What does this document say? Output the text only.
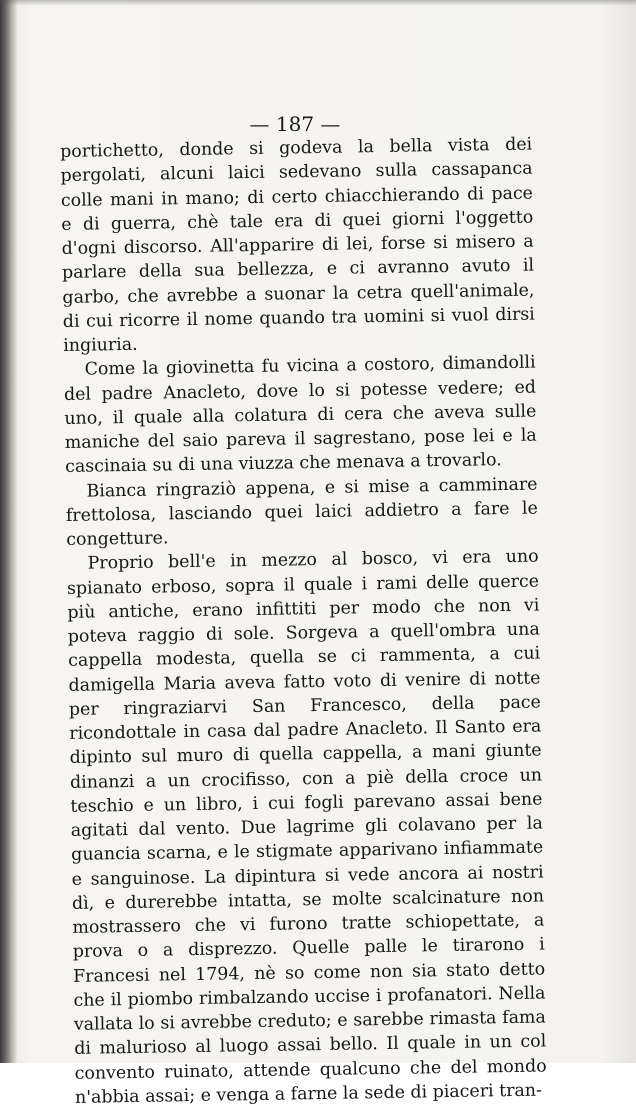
— 187 —

portichetto, donde si godeva la bella vista dei pergolati, alcuni laici sedevano sulla cassapanca colle mani in mano; di certo chiacchierando di pace e di guerra, chè tale era di quei giorni l'oggetto d'ogni discorso. All'apparire di lei, forse si misero a parlare della sua bellezza, e ci avranno avuto il garbo, che avrebbe a suonar la cetra quell'animale, di cui ricorre il nome quando tra uomini si vuol dirsi ingiuria.

Come la giovinetta fu vicina a costoro, dimandolli del padre Anacleto, dove lo si potesse vedere; ed uno, il quale alla colatura di cera che aveva sulle maniche del saio pareva il sagrestano, pose lei e la cascinaia su di una viuzza che menava a trovarlo.

Bianca ringraziò appena, e si mise a camminare frettolosa, lasciando quei laici addietro a fare le congetture.

Proprio bell'e in mezzo al bosco, vi era uno spianato erboso, sopra il quale i rami delle querce più antiche, erano infittiti per modo che non vi poteva raggio di sole. Sorgeva a quell'ombra una cappella modesta, quella se ci rammenta, a cui damigella Maria aveva fatto voto di venire di notte per ringraziarvi San Francesco, della pace ricondottale in casa dal padre Anacleto. Il Santo era dipinto sul muro di quella cappella, a mani giunte dinanzi a un crocifisso, con a piè della croce un teschio e un libro, i cui fogli parevano assai bene agitati dal vento. Due lagrime gli colavano per la guancia scarna, e le stigmate apparivano infiammate e sanguinose. La dipintura si vede ancora ai nostri dì, e durerebbe intatta, se molte scalcinature non mostrassero che vi furono tratte schiopettate, a prova o a disprezzo. Quelle palle le tirarono i Francesi nel 1794, nè so come non sia stato detto che il piombo rimbalzando uccise i profanatori. Nella vallata lo si avrebbe creduto; e sarebbe rimasta fama di malurioso al luogo assai bello. Il quale in un col convento ruinato, attende qualcuno che del mondo n'abbia assai; e venga a farne la sede di piaceri tran-
